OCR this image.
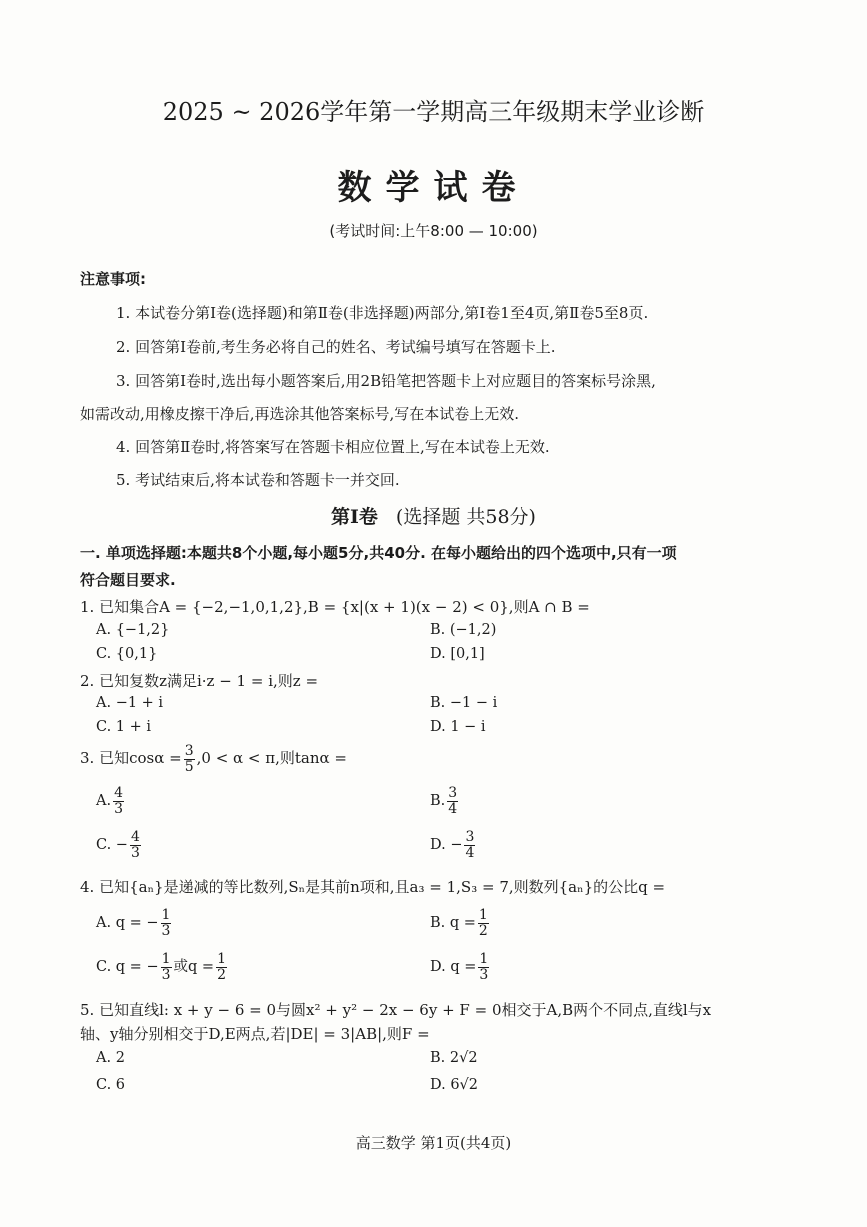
2025 ~ 2026学年第一学期高三年级期末学业诊断
数学试卷
(考试时间:上午8:00 — 10:00)
注意事项:
1. 本试卷分第Ⅰ卷(选择题)和第Ⅱ卷(非选择题)两部分,第Ⅰ卷1至4页,第Ⅱ卷5至8页.
2. 回答第Ⅰ卷前,考生务必将自己的姓名、考试编号填写在答题卡上.
3. 回答第Ⅰ卷时,选出每小题答案后,用2B铅笔把答题卡上对应题目的答案标号涂黑,
如需改动,用橡皮擦干净后,再选涂其他答案标号,写在本试卷上无效.
4. 回答第Ⅱ卷时,将答案写在答题卡相应位置上,写在本试卷上无效.
5. 考试结束后,将本试卷和答题卡一并交回.
第Ⅰ卷 (选择题 共58分)
一. 单项选择题:本题共8个小题,每小题5分,共40分. 在每小题给出的四个选项中,只有一项
符合题目要求.
1. 已知集合A = {−2,−1,0,1,2},B = {x|(x + 1)(x − 2) < 0},则A ∩ B =
A. {−1,2}	B. (−1,2)
C. {0,1}	D. [0,1]
2. 已知复数z满足i·z − 1 = i,则z =
A. −1 + i	B. −1 − i
C. 1 + i	D. 1 − i
3. 已知$\cos\alpha = \frac{3}{5} ,0 < \alpha < \pi$,则tanα =
A. $\frac{4}{3}$	B. $\frac{3}{4}$
C. − $\frac{4}{3}$	D. − $\frac{3}{4}$
4. 已知{aₙ}是递减的等比数列,Sₙ是其前n项和,且a₃ = 1,S₃ = 7,则数列{aₙ}的公比q =
A. q = − $\frac{1}{3}$	B. $q = \frac{1}{2}$
C. q = − $\frac{1}{3}$ 或$q = \frac{1}{2}$	D. $q = \frac{1}{3}$
5. 已知直线l: x + y − 6 = 0与圆x² + y² − 2x − 6y + F = 0相交于A,B两个不同点,直线l与x
轴、y轴分别相交于D,E两点,若|DE| = 3|AB|,则F =
A. 2	B. 2√2
C. 6	D. 6√2
高三数学 第1页(共4页)
